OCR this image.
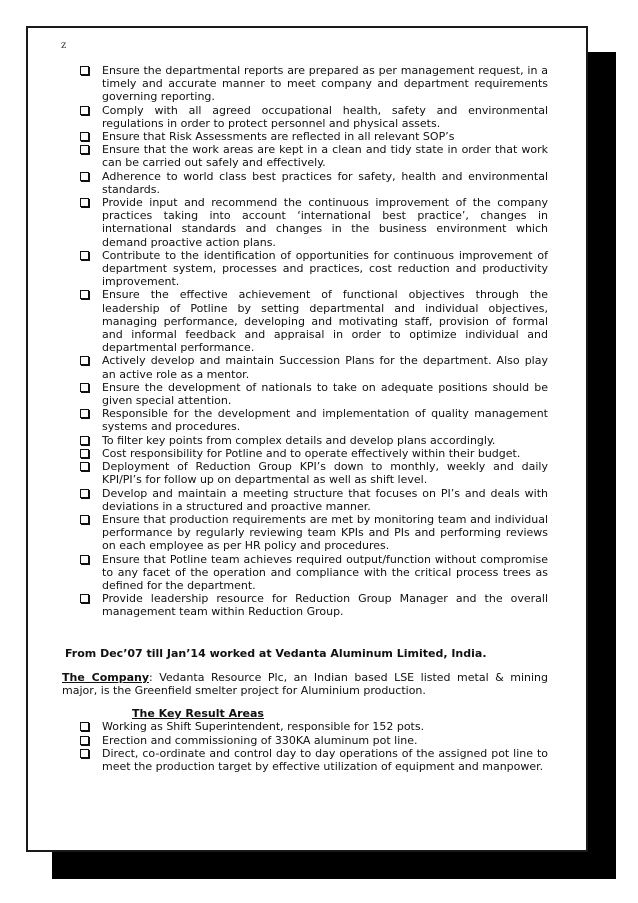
z
Ensure the departmental reports are prepared as per management request, in a timely and accurate manner to meet company and department requirements governing reporting.
Comply with all agreed occupational health, safety and environmental regulations in order to protect personnel and physical assets.
Ensure that Risk Assessments are reflected in all relevant SOP’s
Ensure that the work areas are kept in a clean and tidy state in order that work can be carried out safely and effectively.
Adherence to world class best practices for safety, health and environmental standards.
Provide input and recommend the continuous improvement of the company practices taking into account ‘international best practice’, changes in international standards and changes in the business environment which demand proactive action plans.
Contribute to the identification of opportunities for continuous improvement of department system, processes and practices, cost reduction and productivity improvement.
Ensure the effective achievement of functional objectives through the leadership of Potline by setting departmental and individual objectives, managing performance, developing and motivating staff, provision of formal and informal feedback and appraisal in order to optimize individual and departmental performance.
Actively develop and maintain Succession Plans for the department. Also play an active role as a mentor.
Ensure the development of nationals to take on adequate positions should be given special attention.
Responsible for the development and implementation of quality management systems and procedures.
To filter key points from complex details and develop plans accordingly.
Cost responsibility for Potline and to operate effectively within their budget.
Deployment of Reduction Group KPI’s down to monthly, weekly and daily KPI/PI’s for follow up on departmental as well as shift level.
Develop and maintain a meeting structure that focuses on PI’s and deals with deviations in a structured and proactive manner.
Ensure that production requirements are met by monitoring team and individual performance by regularly reviewing team KPIs and PIs and performing reviews on each employee as per HR policy and procedures.
Ensure that Potline team achieves required output/function without compromise to any facet of the operation and compliance with the critical process trees as defined for the department.
Provide leadership resource for Reduction Group Manager and the overall management team within Reduction Group.

From Dec’07 till Jan’14 worked at Vedanta Aluminum Limited, India.

The Company: Vedanta Resource Plc, an Indian based LSE listed metal & mining major, is the Greenfield smelter project for Aluminium production.
The Key Result Areas
Working as Shift Superintendent, responsible for 152 pots.
Erection and commissioning of 330KA aluminum pot line.
Direct, co-ordinate and control day to day operations of the assigned pot line to meet the production target by effective utilization of equipment and manpower.
